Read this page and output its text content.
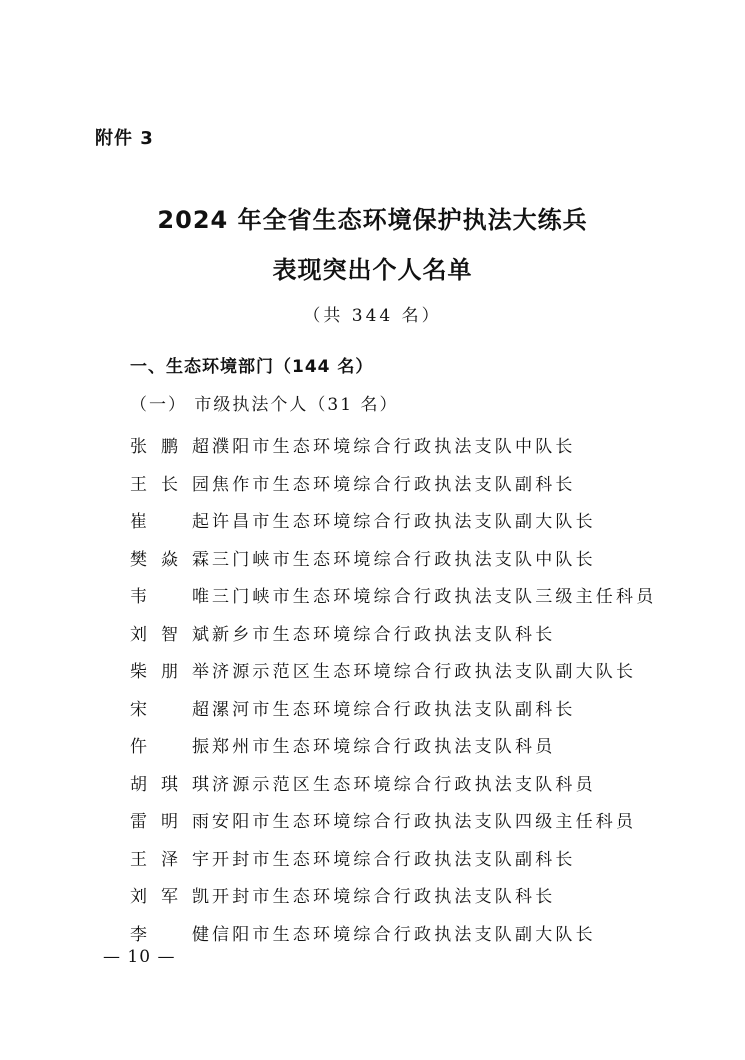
附件 3
2024 年全省生态环境保护执法大练兵
表现突出个人名单
（共 344 名）
一、生态环境部门（144 名）
（一） 市级执法个人（31 名）
张鹏超 濮阳市生态环境综合行政执法支队中队长
王长园 焦作市生态环境综合行政执法支队副科长
崔起 许昌市生态环境综合行政执法支队副大队长
樊焱霖 三门峡市生态环境综合行政执法支队中队长
韦唯 三门峡市生态环境综合行政执法支队三级主任科员
刘智斌 新乡市生态环境综合行政执法支队科长
柴朋举 济源示范区生态环境综合行政执法支队副大队长
宋超 漯河市生态环境综合行政执法支队副科长
仵振 郑州市生态环境综合行政执法支队科员
胡琪琪 济源示范区生态环境综合行政执法支队科员
雷明雨 安阳市生态环境综合行政执法支队四级主任科员
王泽宇 开封市生态环境综合行政执法支队副科长
刘军凯 开封市生态环境综合行政执法支队科长
李健 信阳市生态环境综合行政执法支队副大队长
— 10 —
